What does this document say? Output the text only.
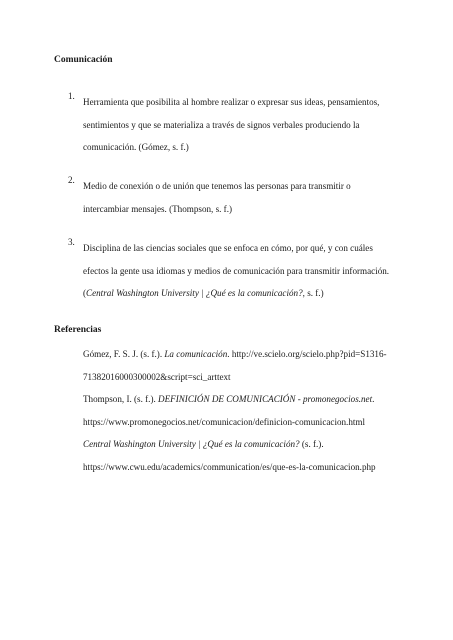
Comunicación
1.
Herramienta que posibilita al hombre realizar o expresar sus ideas, pensamientos,
sentimientos y que se materializa a través de signos verbales produciendo la
comunicación. (Gómez, s. f.)
2.
Medio de conexión o de unión que tenemos las personas para transmitir o
intercambiar mensajes. (Thompson, s. f.)
3.
Disciplina de las ciencias sociales que se enfoca en cómo, por qué, y con cuáles
efectos la gente usa idiomas y medios de comunicación para transmitir información.
(Central Washington University | ¿Qué es la comunicación?, s. f.)
Referencias
Gómez, F. S. J. (s. f.). La comunicación. http://ve.scielo.org/scielo.php?pid=S1316-
71382016000300002&script=sci_arttext
Thompson, I. (s. f.). DEFINICIÓN DE COMUNICACIÓN - promonegocios.net.
https://www.promonegocios.net/comunicacion/definicion-comunicacion.html
Central Washington University | ¿Qué es la comunicación? (s. f.).
https://www.cwu.edu/academics/communication/es/que-es-la-comunicacion.php
